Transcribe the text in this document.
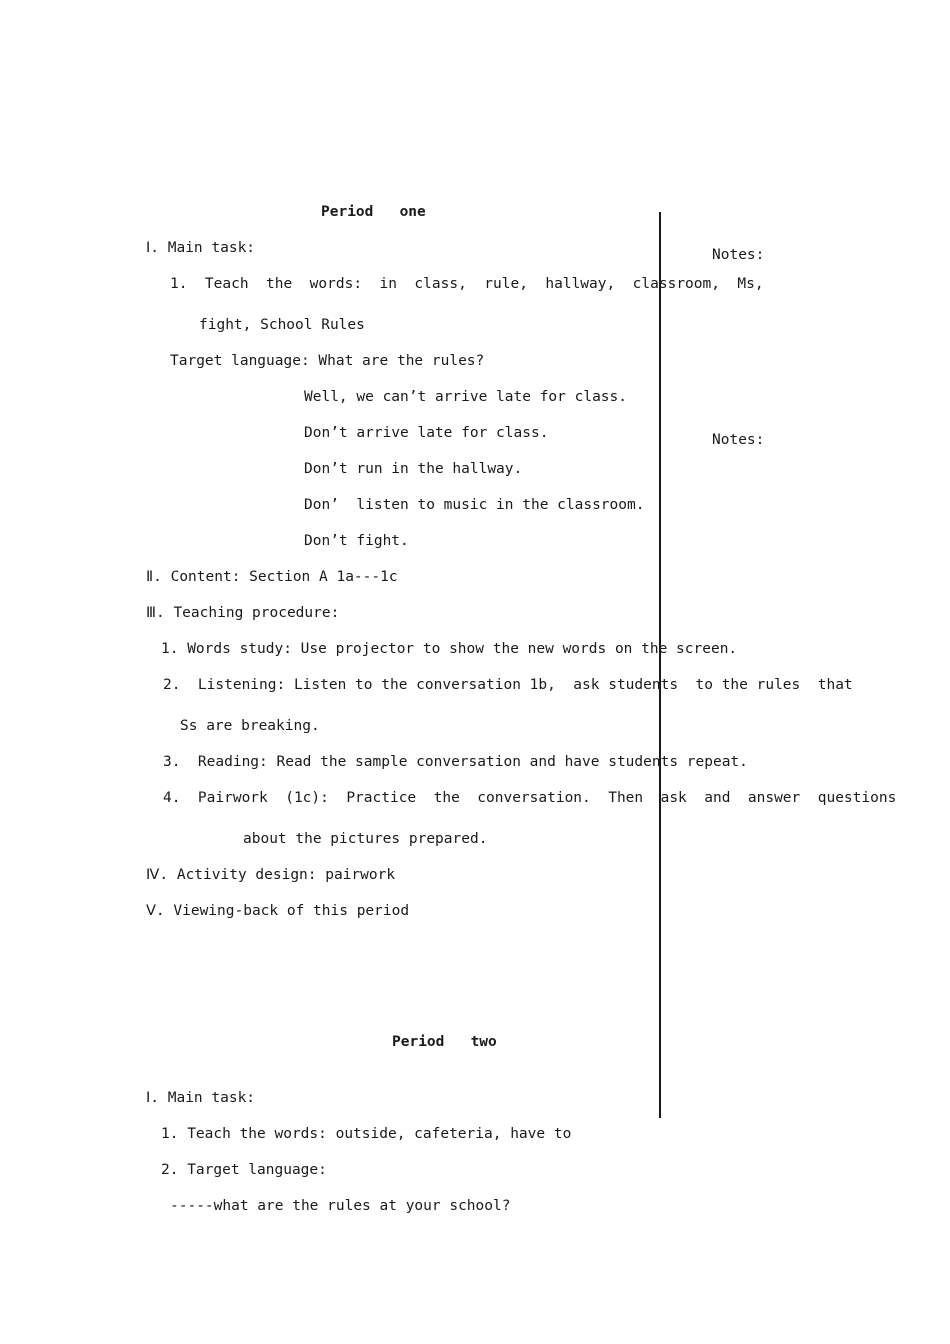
Period   one
Ⅰ. Main task:
1.  Teach  the  words:  in  class,  rule,  hallway,  classroom,  Ms,
fight, School Rules
Target language: What are the rules?
Well, we can’t arrive late for class.
Don’t arrive late for class.
Don’t run in the hallway.
Don’  listen to music in the classroom.
Don’t fight.
Ⅱ. Content: Section A 1a---1c
Ⅲ. Teaching procedure:
1. Words study: Use projector to show the new words on the screen.
2.  Listening: Listen to the conversation 1b,  ask students  to the rules  that
Ss are breaking.
3.  Reading: Read the sample conversation and have students repeat.
4.  Pairwork  (1c):  Practice  the  conversation.  Then  ask  and  answer  questions
about the pictures prepared.
Ⅳ. Activity design: pairwork
Ⅴ. Viewing-back of this period
Notes:
Notes:
Period   two
Ⅰ. Main task:
1. Teach the words: outside, cafeteria, have to
2. Target language:
-----what are the rules at your school?
